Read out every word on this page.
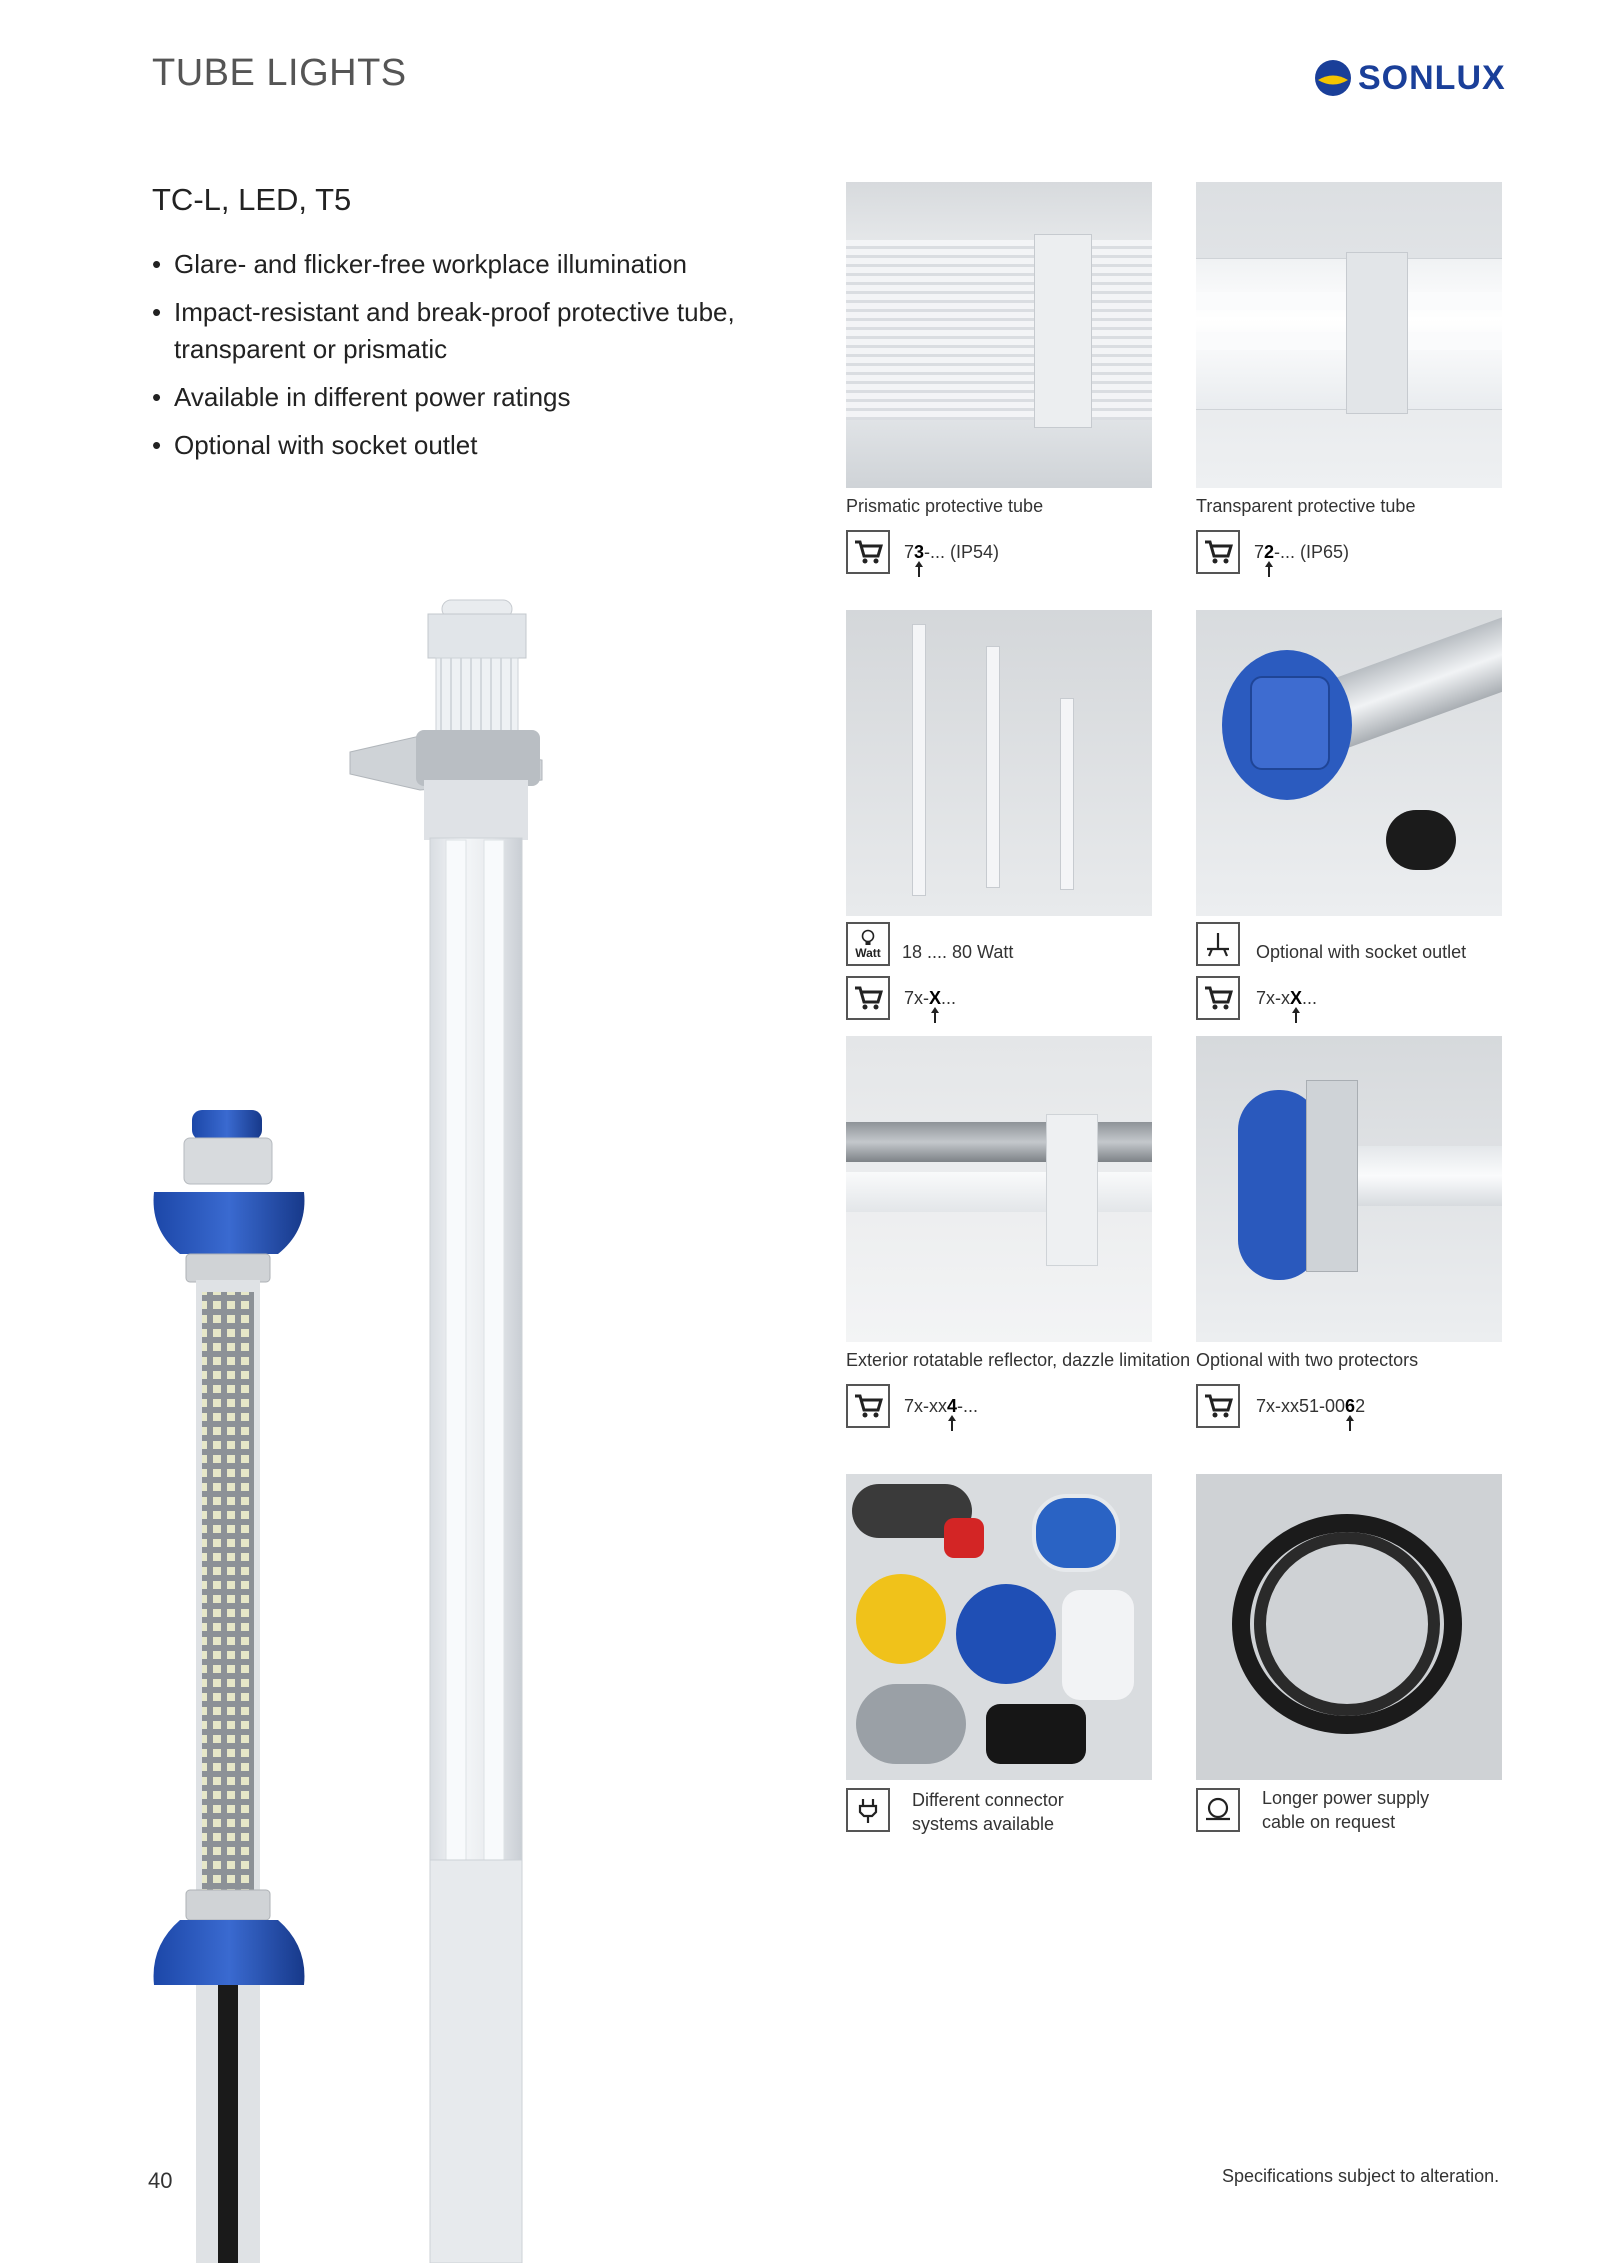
TUBE LIGHTS	SONLUX
TC-L, LED, T5
• Glare- and flicker-free workplace illumination
• Impact-resistant and break-proof protective tube, transparent or prismatic
• Available in different power ratings
• Optional with socket outlet
Prismatic protective tube
73-... (IP54)
Transparent protective tube
72-... (IP65)
Watt 18 .... 80 Watt
7x-X...
Optional with socket outlet
7x-xX...
Exterior rotatable reflector, dazzle limitation
7x-xx4-...
Optional with two protectors
7x-xx51-0062
Different connector
systems available
Longer power supply
cable on request
40	Specifications subject to alteration.
